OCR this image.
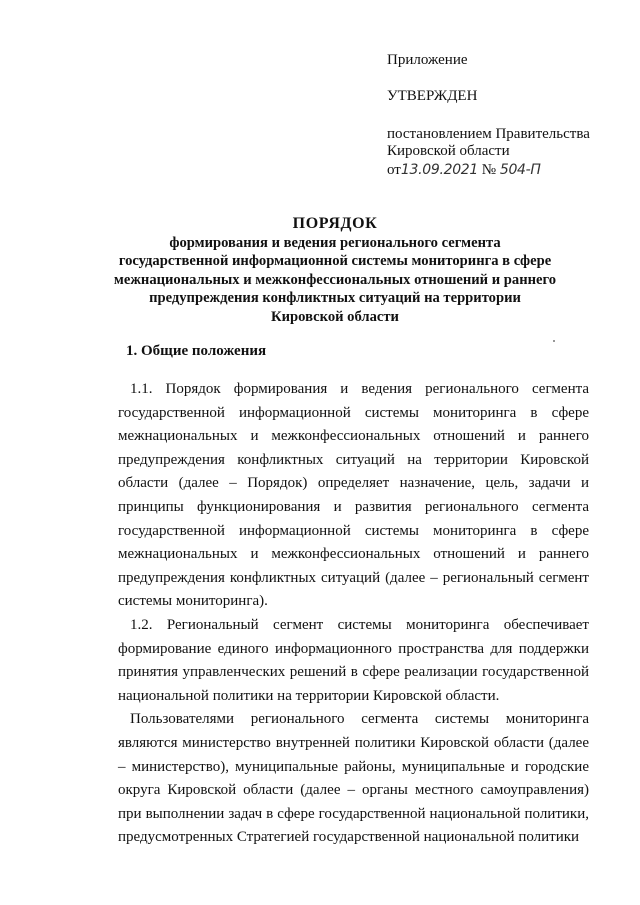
Приложение
УТВЕРЖДЕН
постановлением Правительства
Кировской области
от13.09.2021 № 504-П
ПОРЯДОК
формирования и ведения регионального сегмента
государственной информационной системы мониторинга в сфере
межнациональных и межконфессиональных отношений и раннего
предупреждения конфликтных ситуаций на территории
Кировской области
1. Общие положения

1.1. Порядок формирования и ведения регионального сегмента государственной информационной системы мониторинга в сфере межнациональных и межконфессиональных отношений и раннего предупреждения конфликтных ситуаций на территории Кировской области (далее – Порядок) определяет назначение, цель, задачи и принципы функционирования и развития регионального сегмента государственной информационной системы мониторинга в сфере межнациональных и межконфессиональных отношений и раннего предупреждения конфликтных ситуаций (далее – региональный сегмент системы мониторинга).

1.2. Региональный сегмент системы мониторинга обеспечивает формирование единого информационного пространства для поддержки принятия управленческих решений в сфере реализации государственной национальной политики на территории Кировской области.

Пользователями регионального сегмента системы мониторинга являются министерство внутренней политики Кировской области (далее – министерство), муниципальные районы, муниципальные и городские округа Кировской области (далее – органы местного самоуправления) при выполнении задач в сфере государственной национальной политики, предусмотренных Стратегией государственной национальной политики
